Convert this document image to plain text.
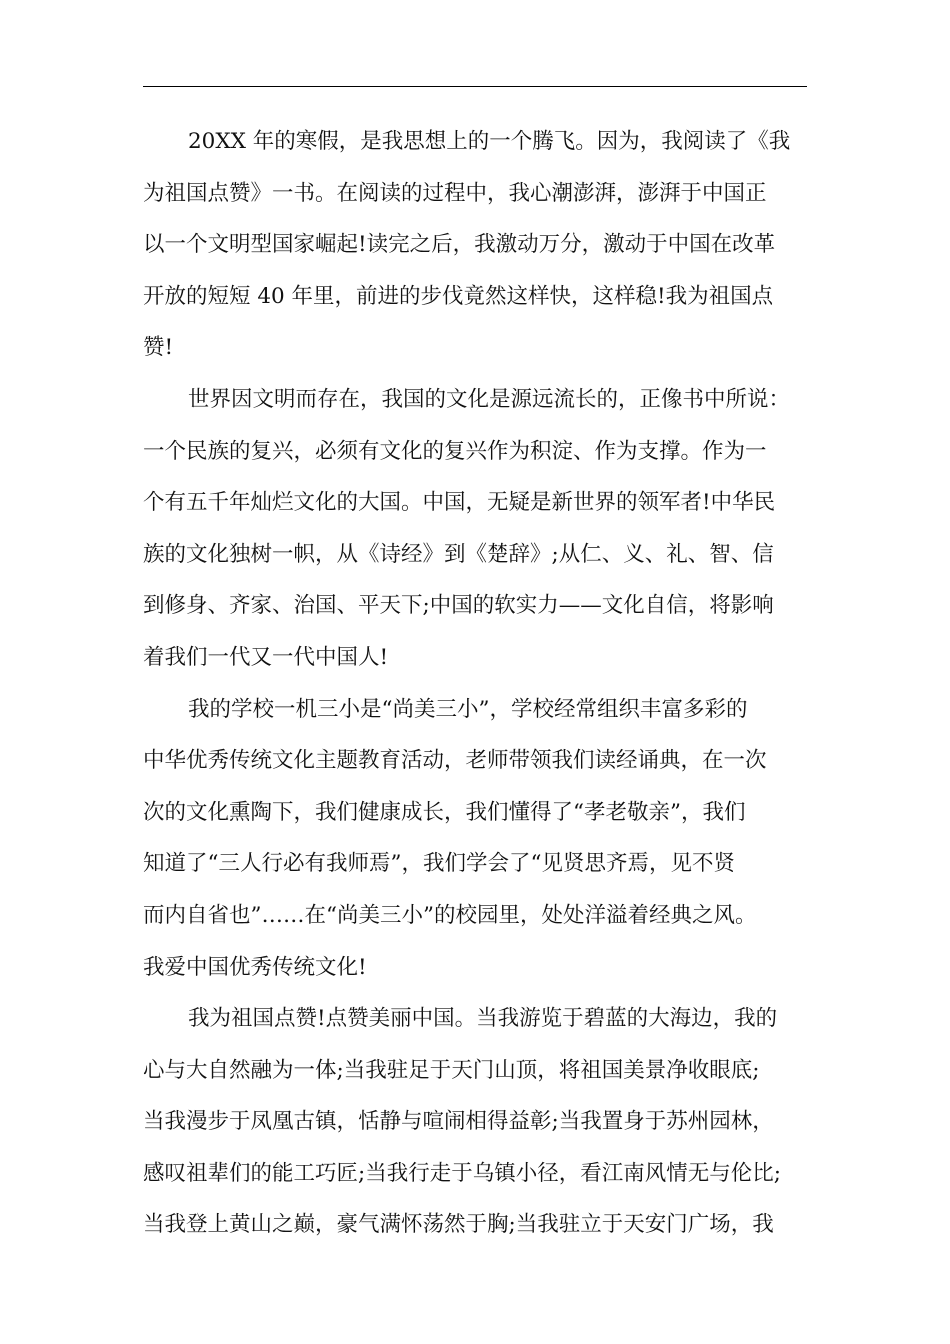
20XX 年的寒假，是我思想上的一个腾飞。因为，我阅读了《我
为祖国点赞》一书。在阅读的过程中，我心潮澎湃，澎湃于中国正
以一个文明型国家崛起!读完之后，我激动万分，激动于中国在改革
开放的短短 40 年里，前进的步伐竟然这样快，这样稳!我为祖国点
赞!
世界因文明而存在，我国的文化是源远流长的，正像书中所说：
一个民族的复兴，必须有文化的复兴作为积淀、作为支撑。作为一
个有五千年灿烂文化的大国。中国，无疑是新世界的领军者!中华民
族的文化独树一帜，从《诗经》到《楚辞》;从仁、义、礼、智、信
到修身、齐家、治国、平天下;中国的软实力——文化自信，将影响
着我们一代又一代中国人!
我的学校一机三小是“尚美三小”，学校经常组织丰富多彩的
中华优秀传统文化主题教育活动，老师带领我们读经诵典，在一次
次的文化熏陶下，我们健康成长，我们懂得了“孝老敬亲”，我们
知道了“三人行必有我师焉”，我们学会了“见贤思齐焉，见不贤
而内自省也”……在“尚美三小”的校园里，处处洋溢着经典之风。
我爱中国优秀传统文化!
我为祖国点赞!点赞美丽中国。当我游览于碧蓝的大海边，我的
心与大自然融为一体;当我驻足于天门山顶，将祖国美景净收眼底;
当我漫步于凤凰古镇，恬静与喧闹相得益彰;当我置身于苏州园林，
感叹祖辈们的能工巧匠;当我行走于乌镇小径，看江南风情无与伦比;
当我登上黄山之巅，豪气满怀荡然于胸;当我驻立于天安门广场，我
